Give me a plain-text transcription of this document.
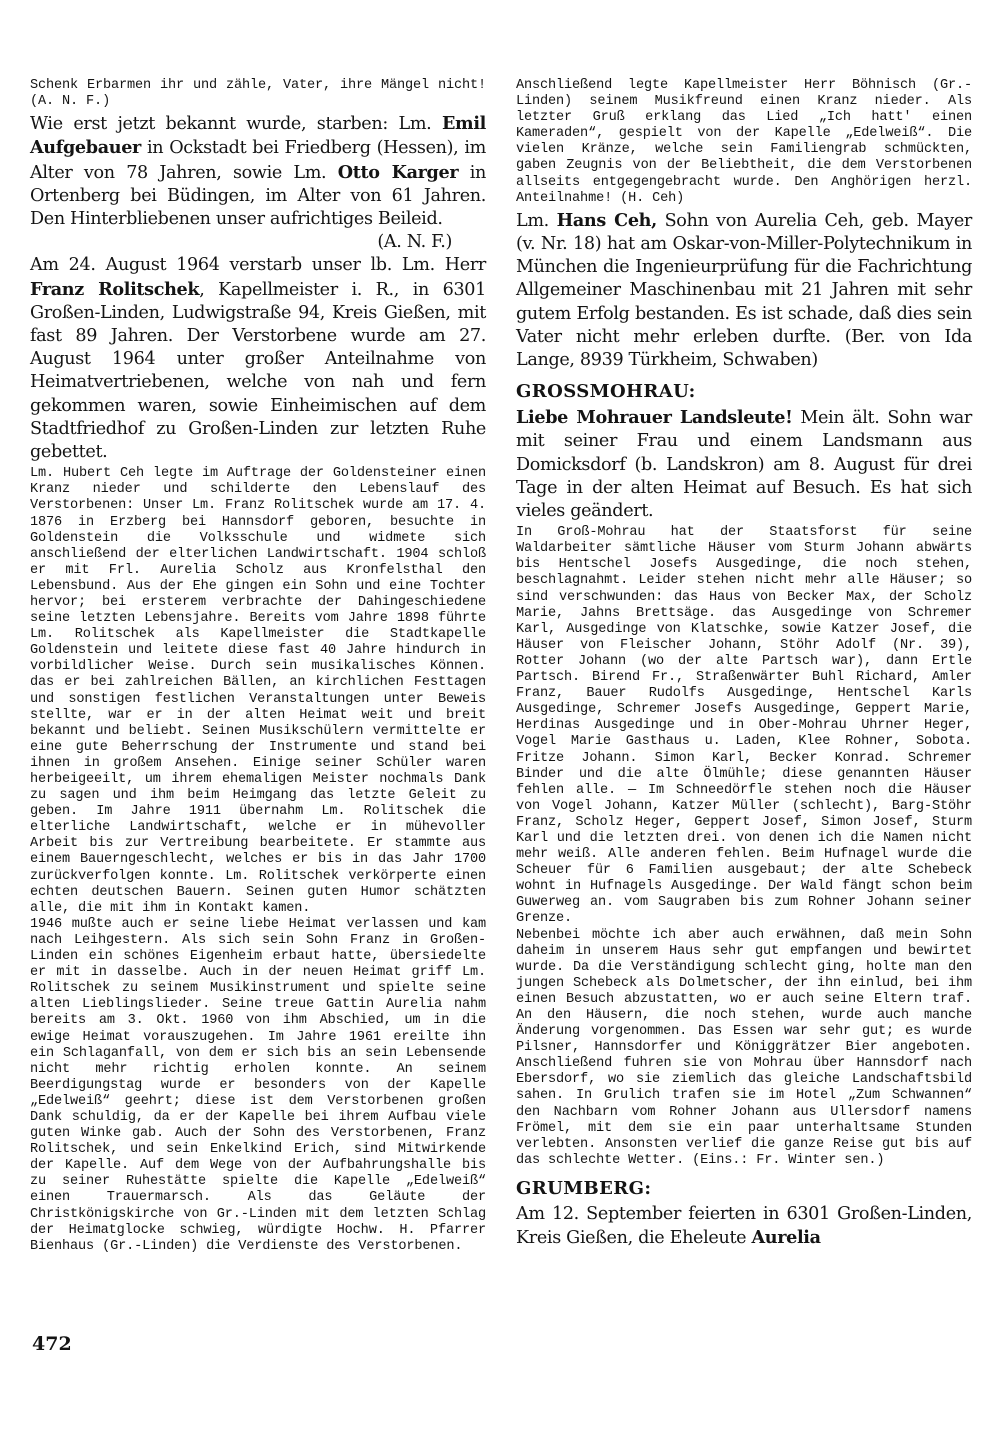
Schenk Erbarmen ihr und zähle, Vater, ihre Mängel nicht! (A. N. F.)

Wie erst jetzt bekannt wurde, starben: Lm. Emil Aufgebauer in Ockstadt bei Friedberg (Hessen), im Alter von 78 Jahren, sowie Lm. Otto Karger in Ortenberg bei Büdingen, im Alter von 61 Jahren. Den Hinterbliebenen unser aufrichtiges Beileid.

(A. N. F.)

Am 24. August 1964 verstarb unser lb. Lm. Herr Franz Rolitschek, Kapellmeister i. R., in 6301 Großen-Linden, Ludwigstraße 94, Kreis Gießen, mit fast 89 Jahren. Der Verstorbene wurde am 27. August 1964 unter großer Anteilnahme von Heimatvertriebenen, welche von nah und fern gekommen waren, sowie Einheimischen auf dem Stadtfriedhof zu Großen-Linden zur letzten Ruhe gebettet.

Lm. Hubert Ceh legte im Auftrage der Goldensteiner einen Kranz nieder und schilderte den Lebenslauf des Verstorbenen: Unser Lm. Franz Rolitschek wurde am 17. 4. 1876 in Erzberg bei Hannsdorf geboren, besuchte in Goldenstein die Volksschule und widmete sich anschließend der elterlichen Landwirtschaft. 1904 schloß er mit Frl. Aurelia Scholz aus Kronfelsthal den Lebensbund. Aus der Ehe gingen ein Sohn und eine Tochter hervor; bei ersterem verbrachte der Dahingeschiedene seine letzten Lebensjahre. Bereits vom Jahre 1898 führte Lm. Rolitschek als Kapellmeister die Stadtkapelle Goldenstein und leitete diese fast 40 Jahre hindurch in vorbildlicher Weise. Durch sein musikalisches Können. das er bei zahlreichen Bällen, an kirchlichen Festtagen und sonstigen festlichen Veranstaltungen unter Beweis stellte, war er in der alten Heimat weit und breit bekannt und beliebt. Seinen Musikschülern vermittelte er eine gute Beherrschung der Instrumente und stand bei ihnen in großem Ansehen. Einige seiner Schüler waren herbeigeeilt, um ihrem ehemaligen Meister nochmals Dank zu sagen und ihm beim Heimgang das letzte Geleit zu geben. Im Jahre 1911 übernahm Lm. Rolitschek die elterliche Landwirtschaft, welche er in mühevoller Arbeit bis zur Vertreibung bearbeitete. Er stammte aus einem Bauerngeschlecht, welches er bis in das Jahr 1700 zurückverfolgen konnte. Lm. Rolitschek verkörperte einen echten deutschen Bauern. Seinen guten Humor schätzten alle, die mit ihm in Kontakt kamen.

1946 mußte auch er seine liebe Heimat verlassen und kam nach Leihgestern. Als sich sein Sohn Franz in Großen-Linden ein schönes Eigenheim erbaut hatte, übersiedelte er mit in dasselbe. Auch in der neuen Heimat griff Lm. Rolitschek zu seinem Musikinstrument und spielte seine alten Lieblingslieder. Seine treue Gattin Aurelia nahm bereits am 3. Okt. 1960 von ihm Abschied, um in die ewige Heimat vorauszugehen. Im Jahre 1961 ereilte ihn ein Schlaganfall, von dem er sich bis an sein Lebensende nicht mehr richtig erholen konnte. An seinem Beerdigungstag wurde er besonders von der Kapelle „Edelweiß“ geehrt; diese ist dem Verstorbenen großen Dank schuldig, da er der Kapelle bei ihrem Aufbau viele guten Winke gab. Auch der Sohn des Verstorbenen, Franz Rolitschek, und sein Enkelkind Erich, sind Mitwirkende der Kapelle. Auf dem Wege von der Aufbahrungshalle bis zu seiner Ruhestätte spielte die Kapelle „Edelweiß“ einen Trauermarsch. Als das Geläute der Christkönigskirche von Gr.-Linden mit dem letzten Schlag der Heimatglocke schwieg, würdigte Hochw. H. Pfarrer Bienhaus (Gr.-Linden) die Verdienste des Verstorbenen.

Anschließend legte Kapellmeister Herr Böhnisch (Gr.-Linden) seinem Musikfreund einen Kranz nieder. Als letzter Gruß erklang das Lied „Ich hatt' einen Kameraden“, gespielt von der Kapelle „Edelweiß“. Die vielen Kränze, welche sein Familiengrab schmückten, gaben Zeugnis von der Beliebtheit, die dem Verstorbenen allseits entgegengebracht wurde. Den Anghörigen herzl. Anteilnahme! (H. Ceh)

Lm. Hans Ceh, Sohn von Aurelia Ceh, geb. Mayer (v. Nr. 18) hat am Oskar-von-Miller-Polytechnikum in München die Ingenieurprüfung für die Fachrichtung Allgemeiner Maschinenbau mit 21 Jahren mit sehr gutem Erfolg bestanden. Es ist schade, daß dies sein Vater nicht mehr erleben durfte. (Ber. von Ida Lange, 8939 Türkheim, Schwaben)

GROSSMOHRAU:

Liebe Mohrauer Landsleute! Mein ält. Sohn war mit seiner Frau und einem Landsmann aus Domicksdorf (b. Landskron) am 8. August für drei Tage in der alten Heimat auf Besuch. Es hat sich vieles geändert.

In Groß-Mohrau hat der Staatsforst für seine Waldarbeiter sämtliche Häuser vom Sturm Johann abwärts bis Hentschel Josefs Ausgedinge, die noch stehen, beschlagnahmt. Leider stehen nicht mehr alle Häuser; so sind verschwunden: das Haus von Becker Max, der Scholz Marie, Jahns Brettsäge. das Ausgedinge von Schremer Karl, Ausgedinge von Klatschke, sowie Katzer Josef, die Häuser von Fleischer Johann, Stöhr Adolf (Nr. 39), Rotter Johann (wo der alte Partsch war), dann Ertle Partsch. Birend Fr., Straßenwärter Buhl Richard, Amler Franz, Bauer Rudolfs Ausgedinge, Hentschel Karls Ausgedinge, Schremer Josefs Ausgedinge, Geppert Marie, Herdinas Ausgedinge und in Ober-Mohrau Uhrner Heger, Vogel Marie Gasthaus u. Laden, Klee Rohner, Sobota. Fritze Johann. Simon Karl, Becker Konrad. Schremer Binder und die alte Ölmühle; diese genannten Häuser fehlen alle. — Im Schneedörfle stehen noch die Häuser von Vogel Johann, Katzer Müller (schlecht), Barg-Stöhr Franz, Scholz Heger, Geppert Josef, Simon Josef, Sturm Karl und die letzten drei. von denen ich die Namen nicht mehr weiß. Alle anderen fehlen. Beim Hufnagel wurde die Scheuer für 6 Familien ausgebaut; der alte Schebeck wohnt in Hufnagels Ausgedinge. Der Wald fängt schon beim Guwerweg an. vom Saugraben bis zum Rohner Johann seiner Grenze.

Nebenbei möchte ich aber auch erwähnen, daß mein Sohn daheim in unserem Haus sehr gut empfangen und bewirtet wurde. Da die Verständigung schlecht ging, holte man den jungen Schebeck als Dolmetscher, der ihn einlud, bei ihm einen Besuch abzustatten, wo er auch seine Eltern traf. An den Häusern, die noch stehen, wurde auch manche Änderung vorgenommen. Das Essen war sehr gut; es wurde Pilsner, Hannsdorfer und Königgrätzer Bier angeboten. Anschließend fuhren sie von Mohrau über Hannsdorf nach Ebersdorf, wo sie ziemlich das gleiche Landschaftsbild sahen. In Grulich trafen sie im Hotel „Zum Schwannen“ den Nachbarn vom Rohner Johann aus Ullersdorf namens Frömel, mit dem sie ein paar unterhaltsame Stunden verlebten. Ansonsten verlief die ganze Reise gut bis auf das schlechte Wetter. (Eins.: Fr. Winter sen.)

GRUMBERG:

Am 12. September feierten in 6301 Großen-Linden, Kreis Gießen, die Eheleute Aurelia

472
